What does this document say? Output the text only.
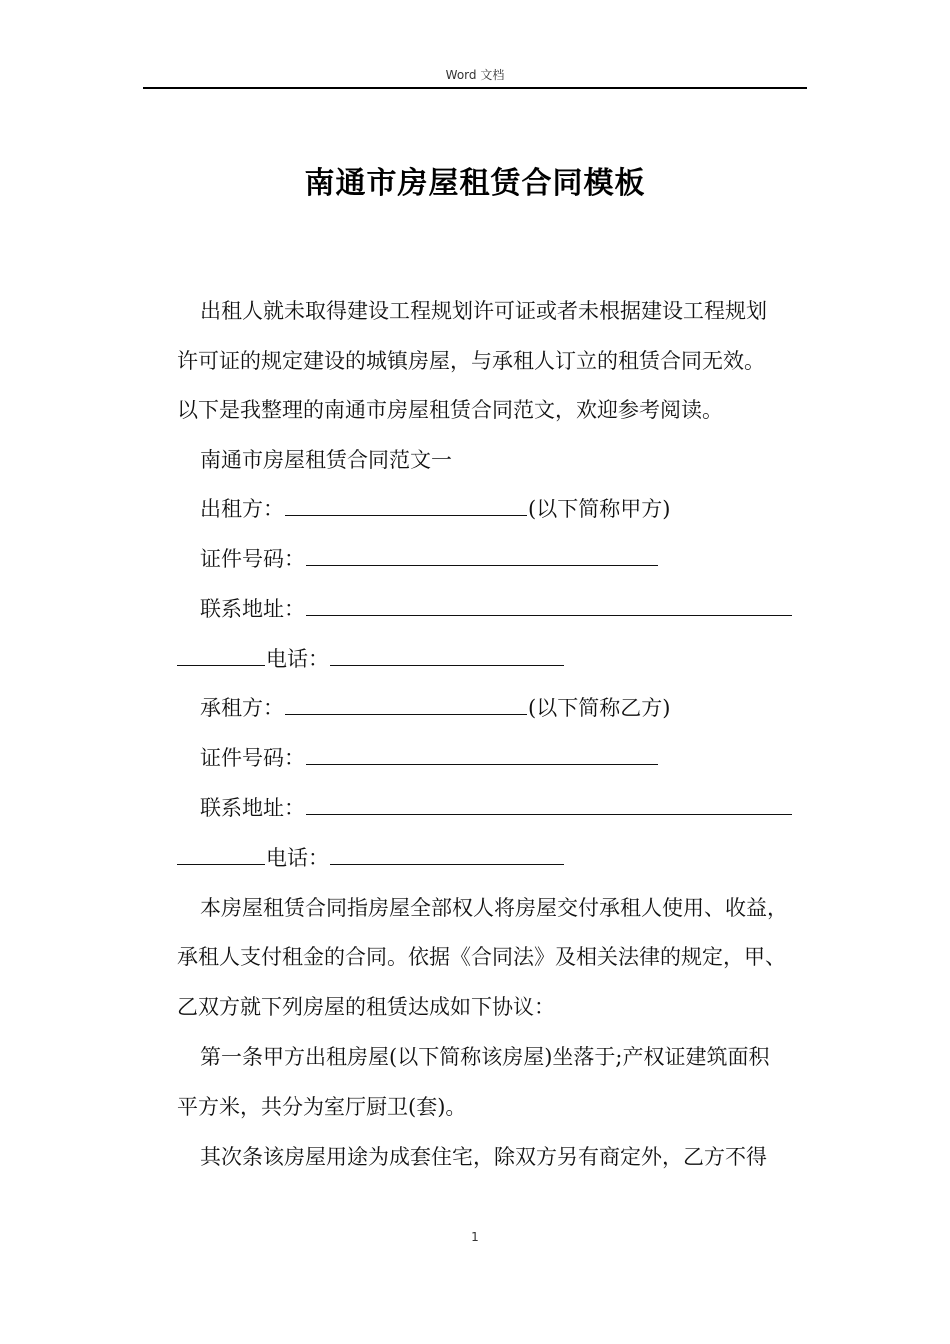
Word 文档
南通市房屋租赁合同模板
出租人就未取得建设工程规划许可证或者未根据建设工程规划
许可证的规定建设的城镇房屋，与承租人订立的租赁合同无效。
以下是我整理的南通市房屋租赁合同范文，欢迎参考阅读。
南通市房屋租赁合同范文一
出租方：	(以下简称甲方)
证件号码：
联系地址：
电话：
承租方：	(以下简称乙方)
证件号码：
联系地址：
电话：
本房屋租赁合同指房屋全部权人将房屋交付承租人使用、收益，
承租人支付租金的合同。依据《合同法》及相关法律的规定，甲、
乙双方就下列房屋的租赁达成如下协议：
第一条甲方出租房屋(以下简称该房屋)坐落于;产权证建筑面积
平方米，共分为室厅厨卫(套)。
其次条该房屋用途为成套住宅，除双方另有商定外，乙方不得
1
